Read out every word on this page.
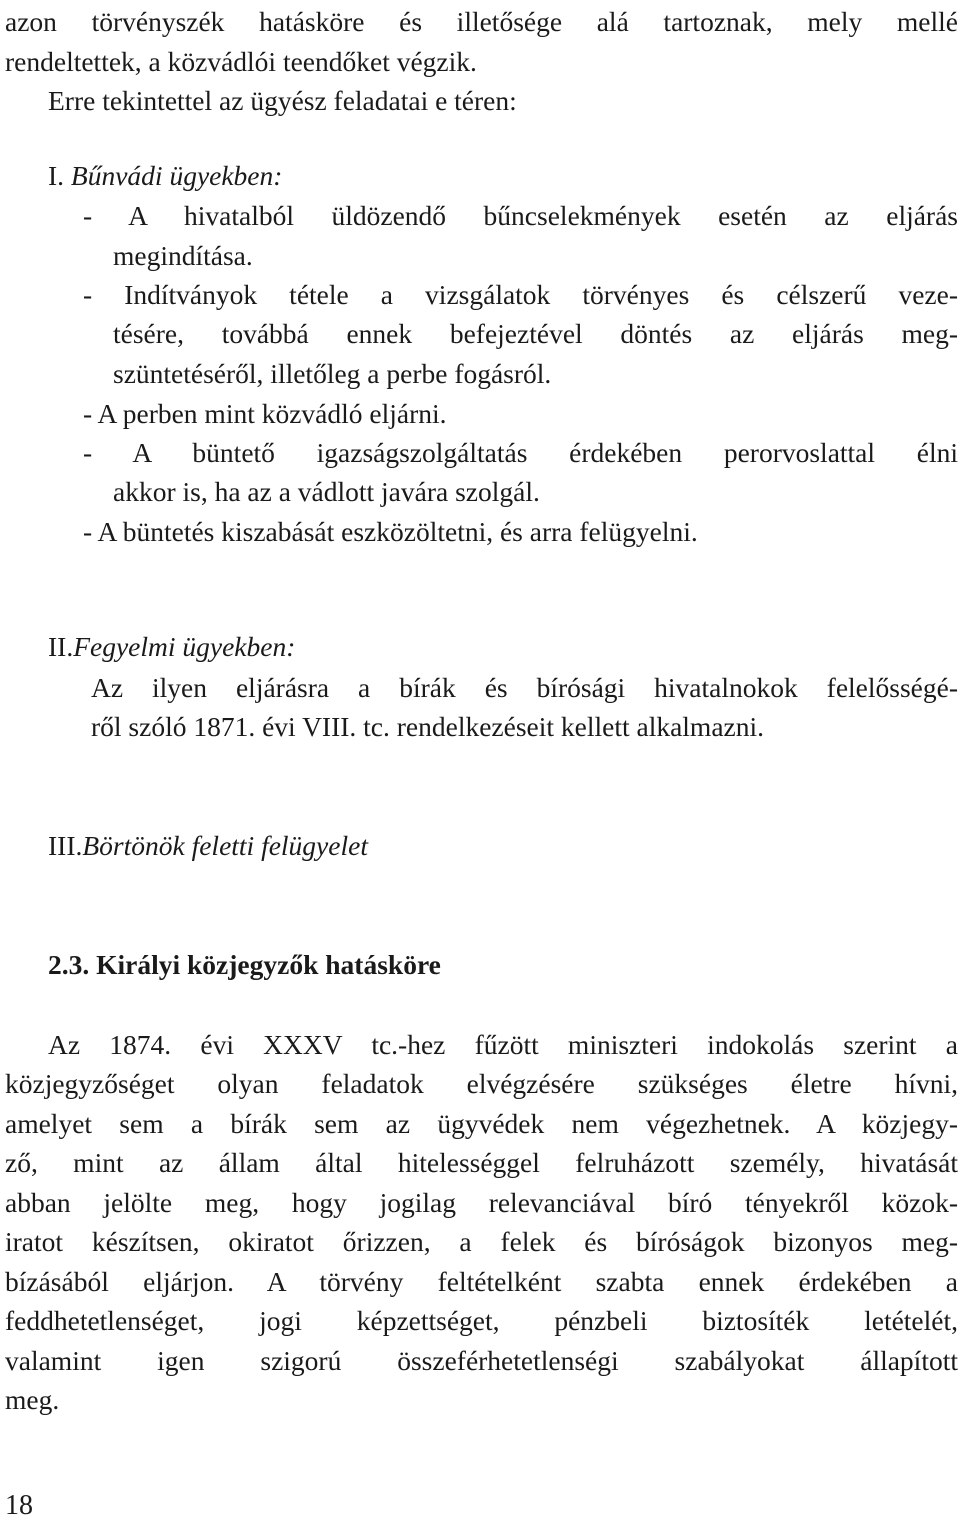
azon törvényszék hatásköre és illetősége alá tartoznak, mely mellé
rendeltettek, a közvádlói teendőket végzik.
Erre tekintettel az ügyész feladatai e téren:
I. Bűnvádi ügyekben:
- A hivatalból üldözendő bűncselekmények esetén az eljárás
megindítása.
- Indítványok tétele a vizsgálatok törvényes és célszerű veze-
tésére, továbbá ennek befejeztével döntés az eljárás meg-
szüntetéséről, illetőleg a perbe fogásról.
- A perben mint közvádló eljárni.
- A büntető igazságszolgáltatás érdekében perorvoslattal élni
akkor is, ha az a vádlott javára szolgál.
- A büntetés kiszabását eszközöltetni, és arra felügyelni.
II.Fegyelmi ügyekben:
Az ilyen eljárásra a bírák és bírósági hivatalnokok felelősségé-
ről szóló 1871. évi VIII. tc. rendelkezéseit kellett alkalmazni.
III.Börtönök feletti felügyelet
2.3. Királyi közjegyzők hatásköre
Az 1874. évi XXXV tc.-hez fűzött miniszteri indokolás szerint a
közjegyzőséget olyan feladatok elvégzésére szükséges életre hívni,
amelyet sem a bírák sem az ügyvédek nem végezhetnek. A közjegy-
ző, mint az állam által hitelességgel felruházott személy, hivatását
abban jelölte meg, hogy jogilag relevanciával bíró tényekről közok-
iratot készítsen, okiratot őrizzen, a felek és bíróságok bizonyos meg-
bízásából eljárjon. A törvény feltételként szabta ennek érdekében a
feddhetetlenséget, jogi képzettséget, pénzbeli biztosíték letételét,
valamint igen szigorú összeférhetetlenségi szabályokat állapított
meg.
18
